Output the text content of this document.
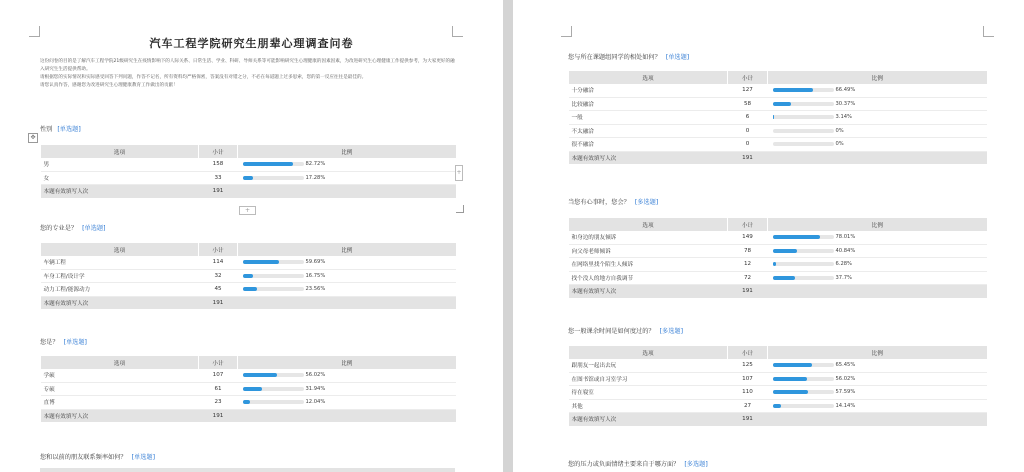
汽车工程学院研究生朋辈心理调查问卷
这份问卷的目的是了解汽车工程学院21级研究生在疫情影响下的人际关系、日常生活、学业、科研、导师关系等可能影响研究生心理健康的因素因素，为改进研究生心理健康工作提供参考，为大家更好的融入研究生生活提供帮助。
请根据您的实际情况和实际感受回答下列问题，作答不记名，所有资料均严格保密，答案没有对错之分，不必在每道题上过多思索，您的第一反应往往是最佳的。
请您认真作答，感谢您为改进研究生心理健康教育工作做出的贡献！
✥
性别 [单选题]
选项	小计	比例
男	158	82.72%

女	33	17.28%

本题有效填写人次	191	
+
+
您的专业是？ [单选题]
选项	小计	比例
车辆工程	114	59.69%

车身工程/设计学	32	16.75%

动力工程/能源动力	45	23.56%

本题有效填写人次	191	
您是？ [单选题]
选项	小计	比例
学硕	107	56.02%

专硕	61	31.94%

直博	23	12.04%

本题有效填写人次	191	
您和以前的朋友联系频率如何？ [单选题]
您与所在课题组同学的相处如何？ [单选题]
选项	小计	比例
十分融洽	127	66.49%

比较融洽	58	30.37%

一般	6	3.14%

不太融洽	0	0%

很不融洽	0	0%

本题有效填写人次	191	
当您有心事时，您会？ [多选题]
选项	小计	比例
和身边的朋友倾诉	149	78.01%

向父母老师倾诉	78	40.84%

在网络里找个陌生人倾诉	12	6.28%

找个没人的地方自我调节	72	37.7%

本题有效填写人次	191	
您一般课余时间是如何度过的？ [多选题]
选项	小计	比例
跟朋友一起出去玩	125	65.45%

在图书馆或自习室学习	107	56.02%

待在寝室	110	57.59%

其他	27	14.14%

本题有效填写人次	191	
您的压力或负面情绪主要来自于哪方面？ [多选题]
